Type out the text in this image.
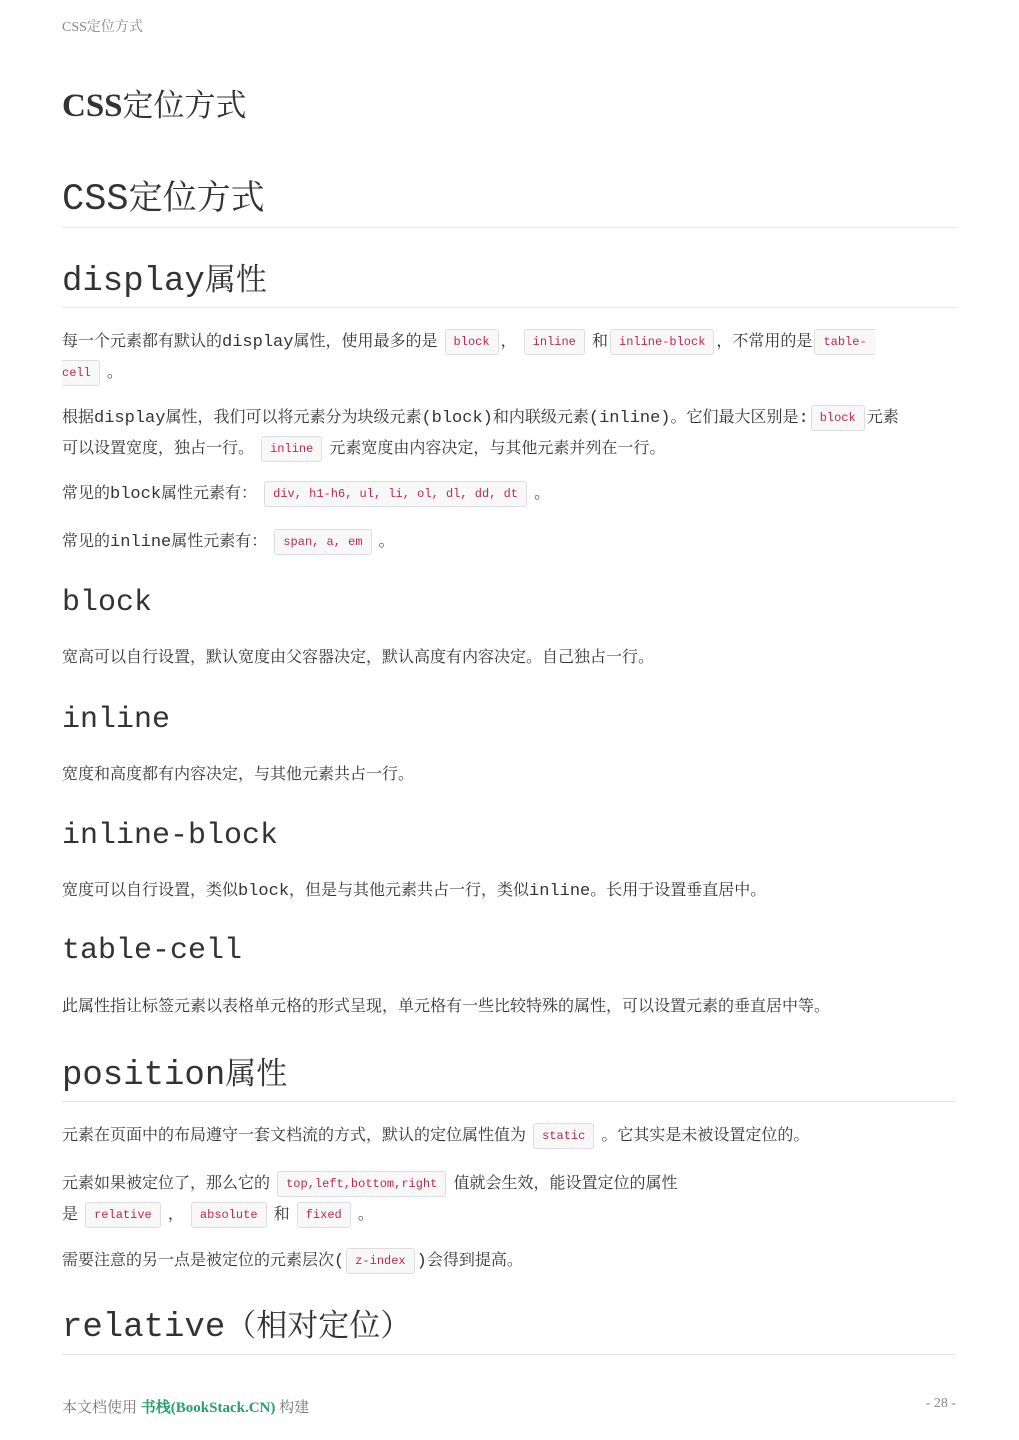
CSS定位方式
CSS定位方式
CSS定位方式
display属性
每一个元素都有默认的display属性，使用最多的是 block ， inline 和 inline-block ，不常用的是 table-
cell 。
根据display属性，我们可以将元素分为块级元素(block)和内联级元素(inline)。它们最大区别是: block 元素
可以设置宽度，独占一行。 inline 元素宽度由内容决定，与其他元素并列在一行。
常见的block属性元素有： div, h1-h6, ul, li, ol, dl, dd, dt 。
常见的inline属性元素有： span, a, em 。
block
宽高可以自行设置，默认宽度由父容器决定，默认高度有内容决定。自己独占一行。
inline
宽度和高度都有内容决定，与其他元素共占一行。
inline-block
宽度可以自行设置，类似block，但是与其他元素共占一行，类似inline。长用于设置垂直居中。
table-cell
此属性指让标签元素以表格单元格的形式呈现，单元格有一些比较特殊的属性，可以设置元素的垂直居中等。
position属性
元素在页面中的布局遵守一套文档流的方式，默认的定位属性值为 static 。它其实是未被设置定位的。
元素如果被定位了，那么它的 top,left,bottom,right 值就会生效，能设置定位的属性
是 relative ， absolute 和 fixed 。
需要注意的另一点是被定位的元素层次( z-index )会得到提高。
relative（相对定位）
本文档使用 书栈(BookStack.CN) 构建	- 28 -
